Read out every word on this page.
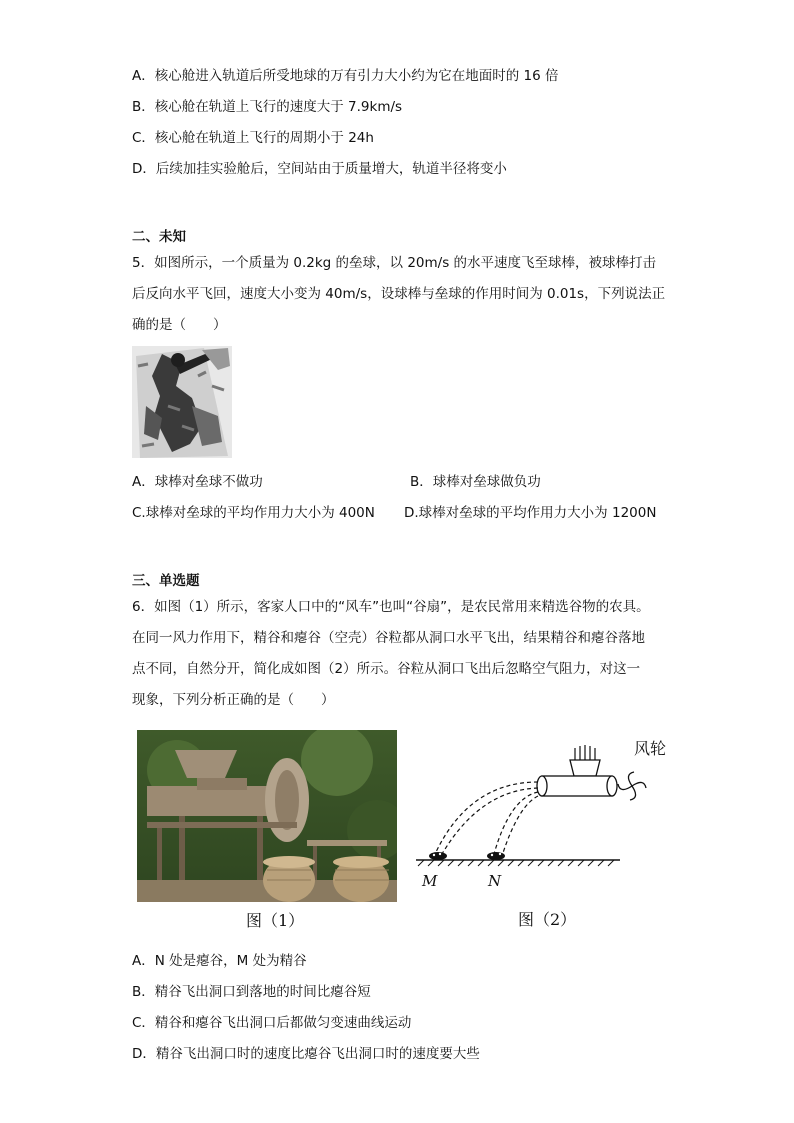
A．核心舱进入轨道后所受地球的万有引力大小约为它在地面时的 16 倍
B．核心舱在轨道上飞行的速度大于 7.9km/s
C．核心舱在轨道上飞行的周期小于 24h
D．后续加挂实验舱后，空间站由于质量增大，轨道半径将变小
二、未知
5．如图所示，一个质量为 0.2kg 的垒球，以 20m/s 的水平速度飞至球棒，被球棒打击
后反向水平飞回，速度大小变为 40m/s，设球棒与垒球的作用时间为 0.01s，下列说法正
确的是（　　）
A．球棒对垒球不做功	B．球棒对垒球做负功
C.球棒对垒球的平均作用力大小为 400N D.球棒对垒球的平均作用力大小为 1200N
三、单选题
6．如图（1）所示，客家人口中的“风车”也叫“谷扇”，是农民常用来精选谷物的农具。
在同一风力作用下，精谷和瘪谷（空壳）谷粒都从洞口水平飞出，结果精谷和瘪谷落地
点不同，自然分开，简化成如图（2）所示。谷粒从洞口飞出后忽略空气阻力，对这一
现象，下列分析正确的是（　　）
图（1）
风轮
M	N
图（2）
A．N 处是瘪谷，M 处为精谷
B．精谷飞出洞口到落地的时间比瘪谷短
C．精谷和瘪谷飞出洞口后都做匀变速曲线运动
D．精谷飞出洞口时的速度比瘪谷飞出洞口时的速度要大些
